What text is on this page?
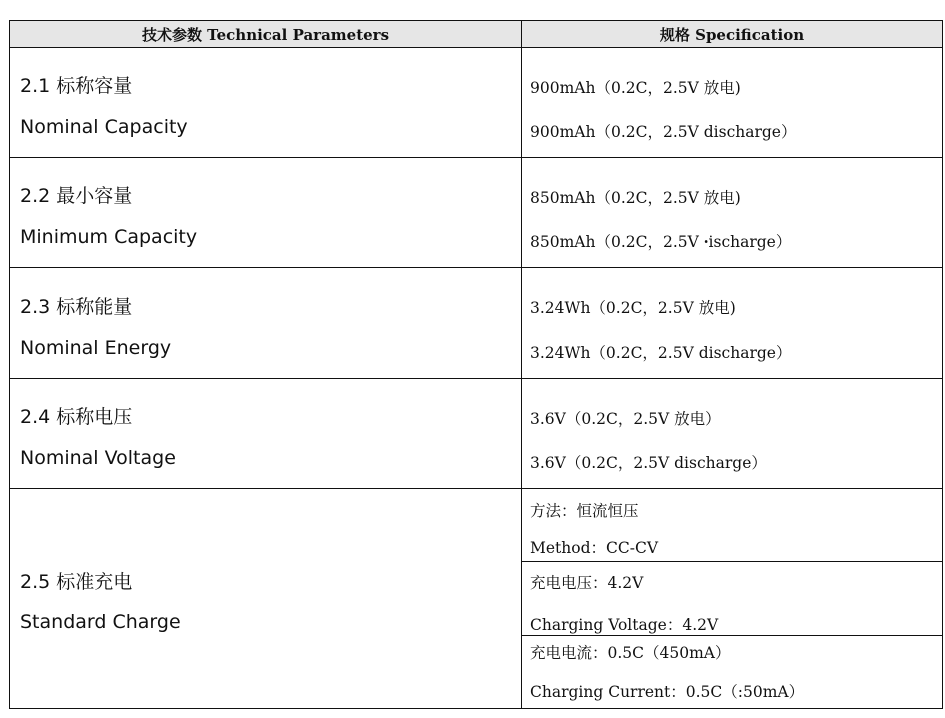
技术参数 Technical Parameters	规格 Specification
2.1 标称容量
Nominal Capacity
900mAh（0.2C，2.5V 放电)
900mAh（0.2C，2.5V discharge）
2.2 最小容量
Minimum Capacity
850mAh（0.2C，2.5V 放电)
850mAh（0.2C，2.5V ꞏischarge）
2.3 标称能量
Nominal Energy
3.24Wh（0.2C，2.5V 放电)
3.24Wh（0.2C，2.5V discharge）
2.4 标称电压
Nominal Voltage
3.6V（0.2C，2.5V 放电）
3.6V（0.2C，2.5V discharge）
2.5 标准充电
Standard Charge
方法：恒流恒压
Method：CC-CV
充电电压：4.2V
Charging Voltage：4.2V
充电电流：0.5C（450mA）
Charging Current：0.5C（:50mA）
